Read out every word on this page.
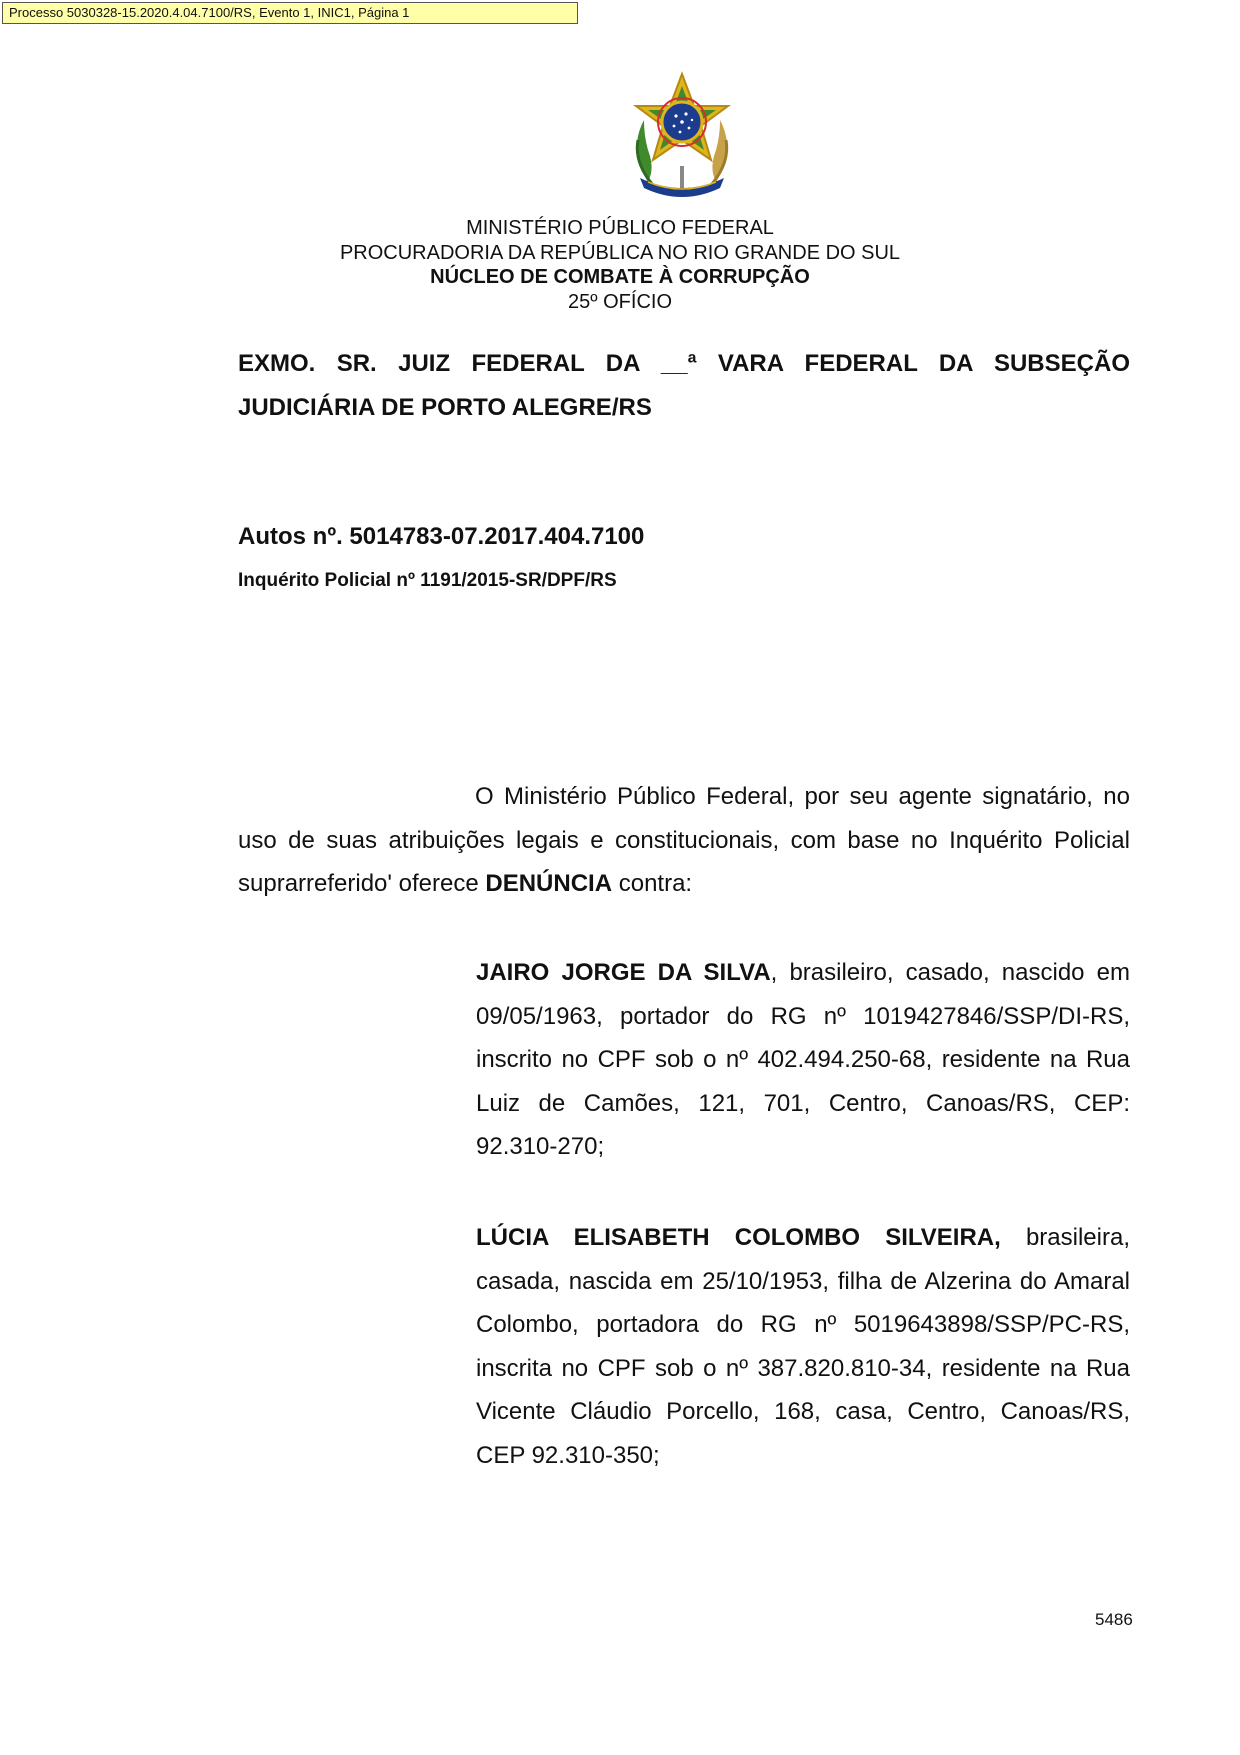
Processo 5030328-15.2020.4.04.7100/RS, Evento 1, INIC1, Página 1
MINISTÉRIO PÚBLICO FEDERAL
PROCURADORIA DA REPÚBLICA NO RIO GRANDE DO SUL
NÚCLEO DE COMBATE À CORRUPÇÃO
25º OFÍCIO
EXMO. SR. JUIZ FEDERAL DA __ª VARA FEDERAL DA SUBSEÇÃO JUDICIÁRIA DE PORTO ALEGRE/RS
Autos nº. 5014783-07.2017.404.7100
Inquérito Policial nº 1191/2015-SR/DPF/RS
O Ministério Público Federal, por seu agente signatário, no uso de suas atribuições legais e constitucionais, com base no Inquérito Policial suprarreferido' oferece DENÚNCIA contra:
JAIRO JORGE DA SILVA, brasileiro, casado, nascido em 09/05/1963, portador do RG nº 1019427846/SSP/DI-RS, inscrito no CPF sob o nº 402.494.250-68, residente na Rua Luiz de Camões, 121, 701, Centro, Canoas/RS, CEP: 92.310-270;
LÚCIA ELISABETH COLOMBO SILVEIRA, brasileira, casada, nascida em 25/10/1953, filha de Alzerina do Amaral Colombo, portadora do RG nº 5019643898/SSP/PC-RS, inscrita no CPF sob o nº 387.820.810-34, residente na Rua Vicente Cláudio Porcello, 168, casa, Centro, Canoas/RS, CEP 92.310-350;
5486
